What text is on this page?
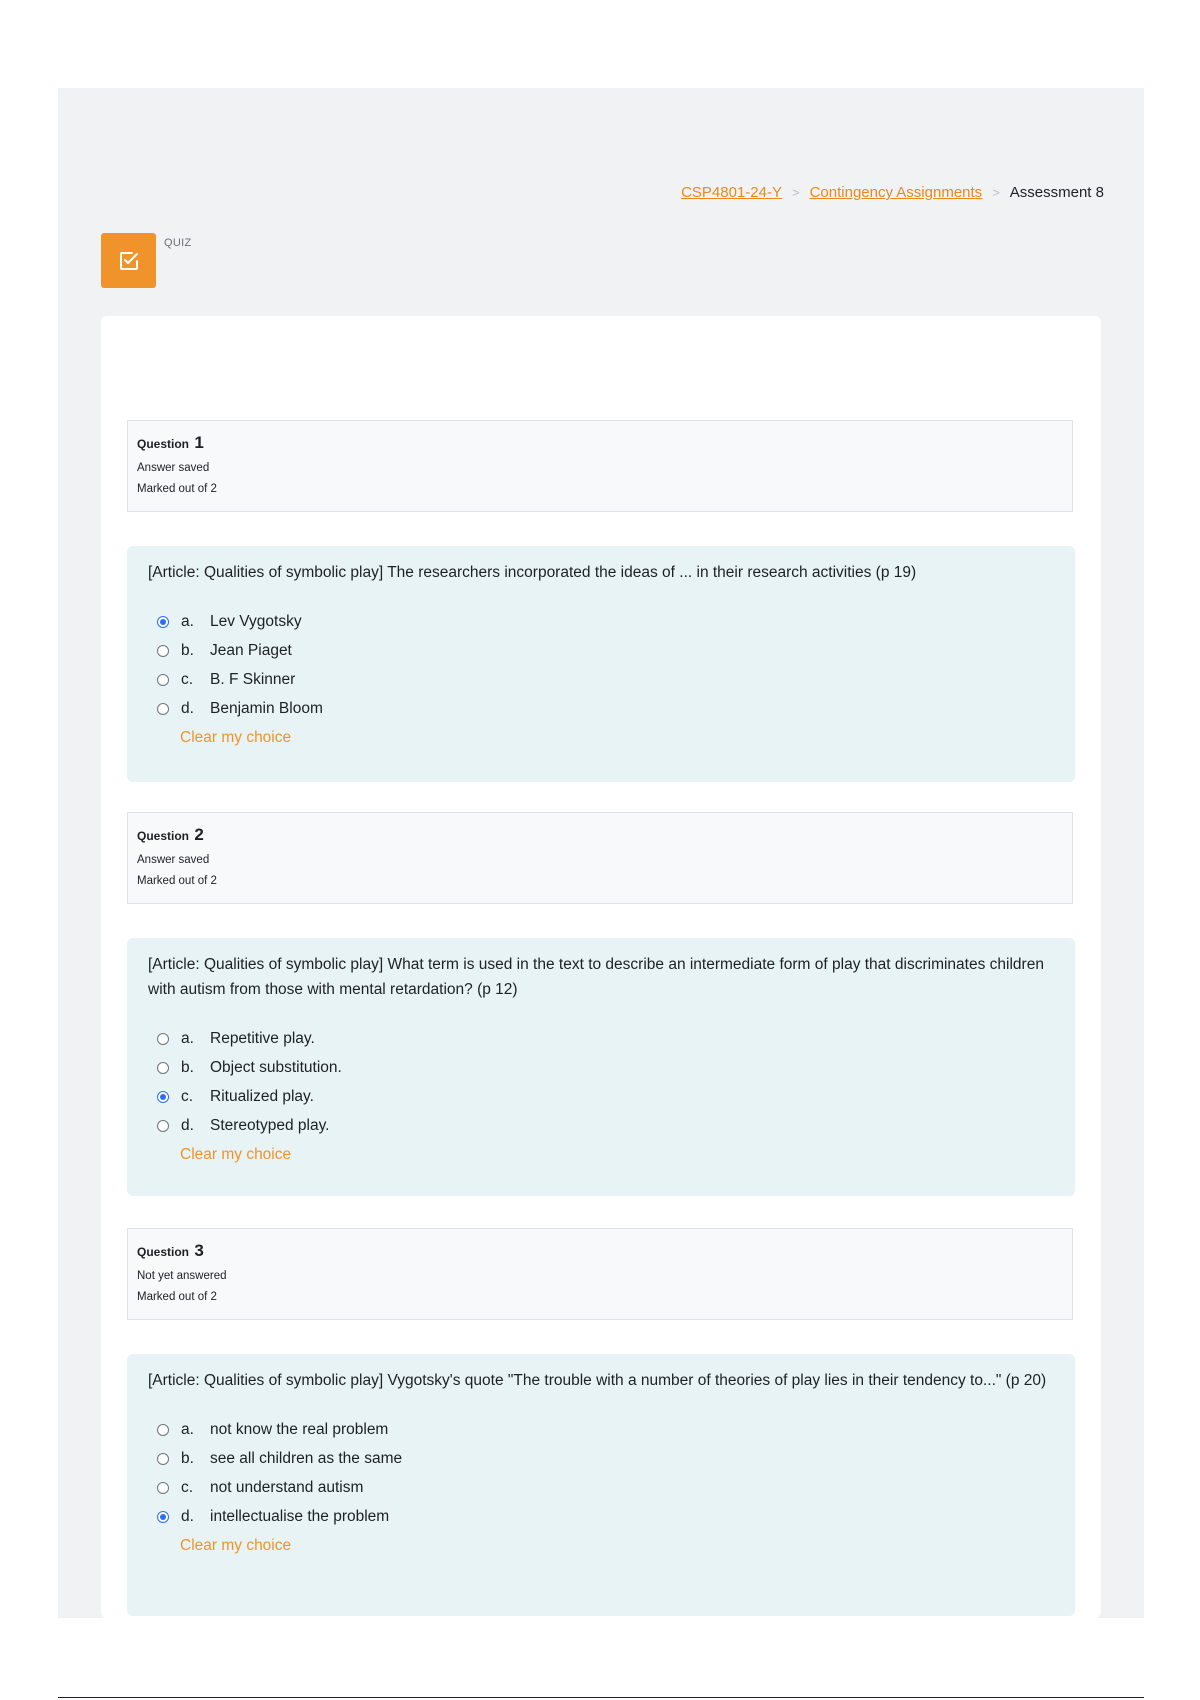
CSP4801-24-Y > Contingency Assignments > Assessment 8
QUIZ
Question 1
Answer saved
Marked out of 2
[Article: Qualities of symbolic play] The researchers incorporated the ideas of ... in their research activities (p 19)
a.	Lev Vygotsky
b.	Jean Piaget
c.	B. F Skinner
d.	Benjamin Bloom
Clear my choice
Question 2
Answer saved
Marked out of 2
[Article: Qualities of symbolic play] What term is used in the text to describe an intermediate form of play that discriminates children with autism from those with mental retardation? (p 12)
a.	Repetitive play.
b.	Object substitution.
c.	Ritualized play.
d.	Stereotyped play.
Clear my choice
Question 3
Not yet answered
Marked out of 2
[Article: Qualities of symbolic play] Vygotsky's quote "The trouble with a number of theories of play lies in their tendency to..." (p 20)
a.	not know the real problem
b.	see all children as the same
c.	not understand autism
d.	intellectualise the problem
Clear my choice
